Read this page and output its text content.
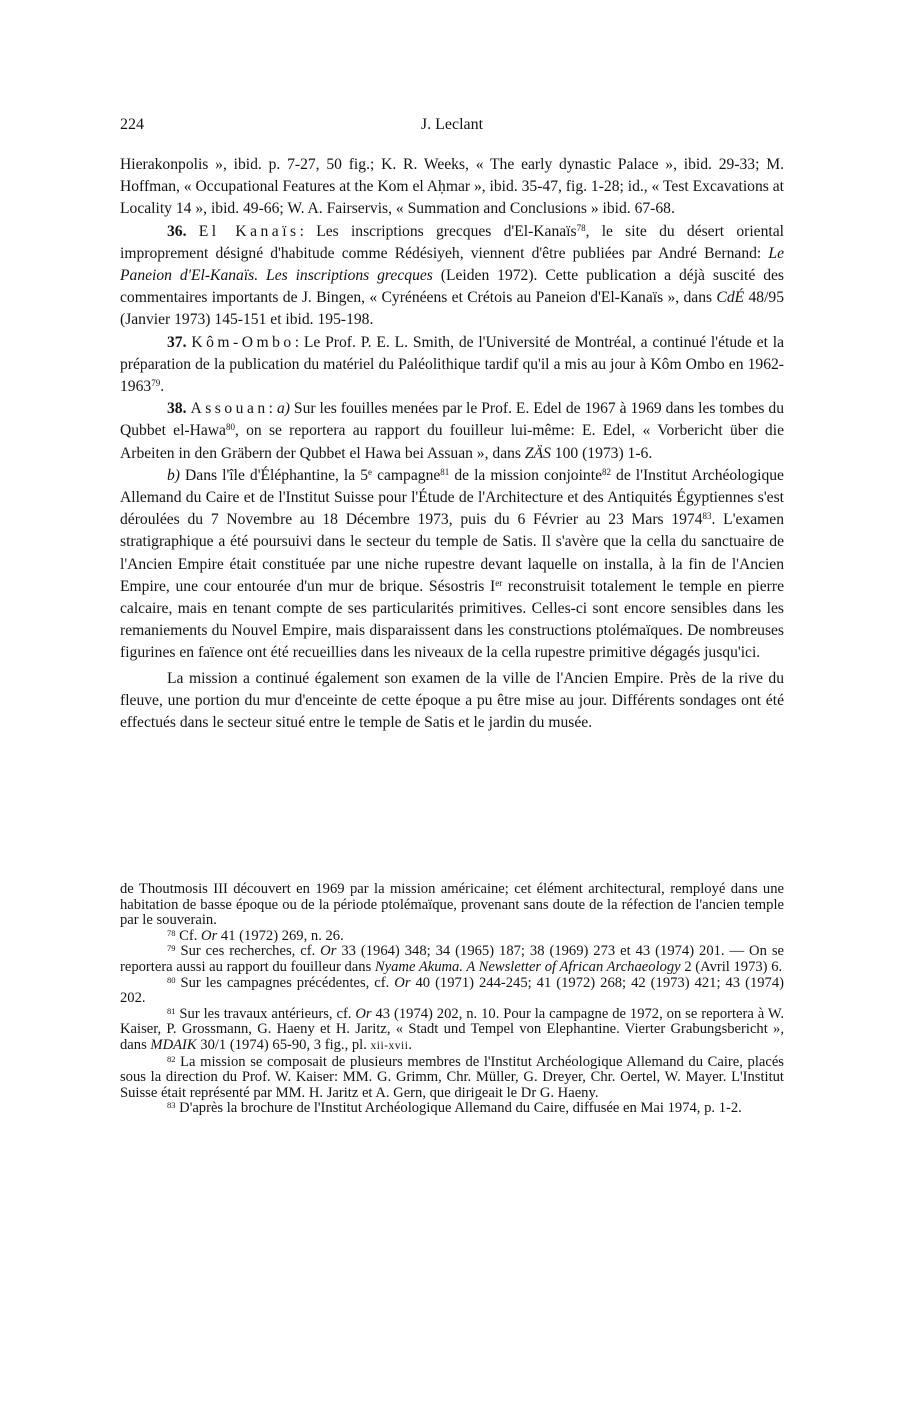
224	J. Leclant

Hierakonpolis », ibid. p. 7-27, 50 fig.; K. R. Weeks, « The early dynastic Palace », ibid. 29-33; M. Hoffman, « Occupational Features at the Kom el Aḥmar », ibid. 35-47, fig. 1-28; id., « Test Excavations at Locality 14 », ibid. 49-66; W. A. Fairservis, « Summation and Conclusions » ibid. 67-68.

36. El Kanaïs: Les inscriptions grecques d'El-Kanaïs$^{78}$, le site du désert oriental improprement désigné d'habitude comme Rédésiyeh, viennent d'être publiées par André Bernand: Le Paneion d'El-Kanaïs. Les inscriptions grecques (Leiden 1972). Cette publication a déjà suscité des commentaires importants de J. Bingen, « Cyrénéens et Crétois au Paneion d'El-Kanaïs », dans CdÉ 48/95 (Janvier 1973) 145-151 et ibid. 195-198.

37. Kôm-Ombo: Le Prof. P. E. L. Smith, de l'Université de Montréal, a continué l'étude et la préparation de la publication du matériel du Paléolithique tardif qu'il a mis au jour à Kôm Ombo en 1962-1963$^{79}$.

38. Assouan: a) Sur les fouilles menées par le Prof. E. Edel de 1967 à 1969 dans les tombes du Qubbet el-Hawa$^{80}$, on se reportera au rapport du fouilleur lui-même: E. Edel, « Vorbericht über die Arbeiten in den Gräbern der Qubbet el Hawa bei Assuan », dans ZÄS 100 (1973) 1-6.

b) Dans l'île d'Éléphantine, la 5e campagne$^{81}$ de la mission conjointe$^{82}$ de l'Institut Archéologique Allemand du Caire et de l'Institut Suisse pour l'Étude de l'Architecture et des Antiquités Égyptiennes s'est déroulées du 7 Novembre au 18 Décembre 1973, puis du 6 Février au 23 Mars 1974$^{83}$. L'examen stratigraphique a été poursuivi dans le secteur du temple de Satis. Il s'avère que la cella du sanctuaire de l'Ancien Empire était constituée par une niche rupestre devant laquelle on installa, à la fin de l'Ancien Empire, une cour entourée d'un mur de brique. Sésostris Ier reconstruisit totalement le temple en pierre calcaire, mais en tenant compte de ses particularités primitives. Celles-ci sont encore sensibles dans les remaniements du Nouvel Empire, mais disparaissent dans les constructions ptolémaïques. De nombreuses figurines en faïence ont été recueillies dans les niveaux de la cella rupestre primitive dégagés jusqu'ici.

La mission a continué également son examen de la ville de l'Ancien Empire. Près de la rive du fleuve, une portion du mur d'enceinte de cette époque a pu être mise au jour. Différents sondages ont été effectués dans le secteur situé entre le temple de Satis et le jardin du musée.

de Thoutmosis III découvert en 1969 par la mission américaine; cet élément architectural, remployé dans une habitation de basse époque ou de la période ptolémaïque, provenant sans doute de la réfection de l'ancien temple par le souverain.

$^{78}$ Cf. Or 41 (1972) 269, n. 26.

$^{79}$ Sur ces recherches, cf. Or 33 (1964) 348; 34 (1965) 187; 38 (1969) 273 et 43 (1974) 201. — On se reportera aussi au rapport du fouilleur dans Nyame Akuma. A Newsletter of African Archaeology 2 (Avril 1973) 6.

$^{80}$ Sur les campagnes précédentes, cf. Or 40 (1971) 244-245; 41 (1972) 268; 42 (1973) 421; 43 (1974) 202.

$^{81}$ Sur les travaux antérieurs, cf. Or 43 (1974) 202, n. 10. Pour la campagne de 1972, on se reportera à W. Kaiser, P. Grossmann, G. Haeny et H. Jaritz, « Stadt und Tempel von Elephantine. Vierter Grabungsbericht », dans MDAIK 30/1 (1974) 65-90, 3 fig., pl. xii-xvii.

$^{82}$ La mission se composait de plusieurs membres de l'Institut Archéologique Allemand du Caire, placés sous la direction du Prof. W. Kaiser: MM. G. Grimm, Chr. Müller, G. Dreyer, Chr. Oertel, W. Mayer. L'Institut Suisse était représenté par MM. H. Jaritz et A. Gern, que dirigeait le Dr G. Haeny.

$^{83}$ D'après la brochure de l'Institut Archéologique Allemand du Caire, diffusée en Mai 1974, p. 1-2.
